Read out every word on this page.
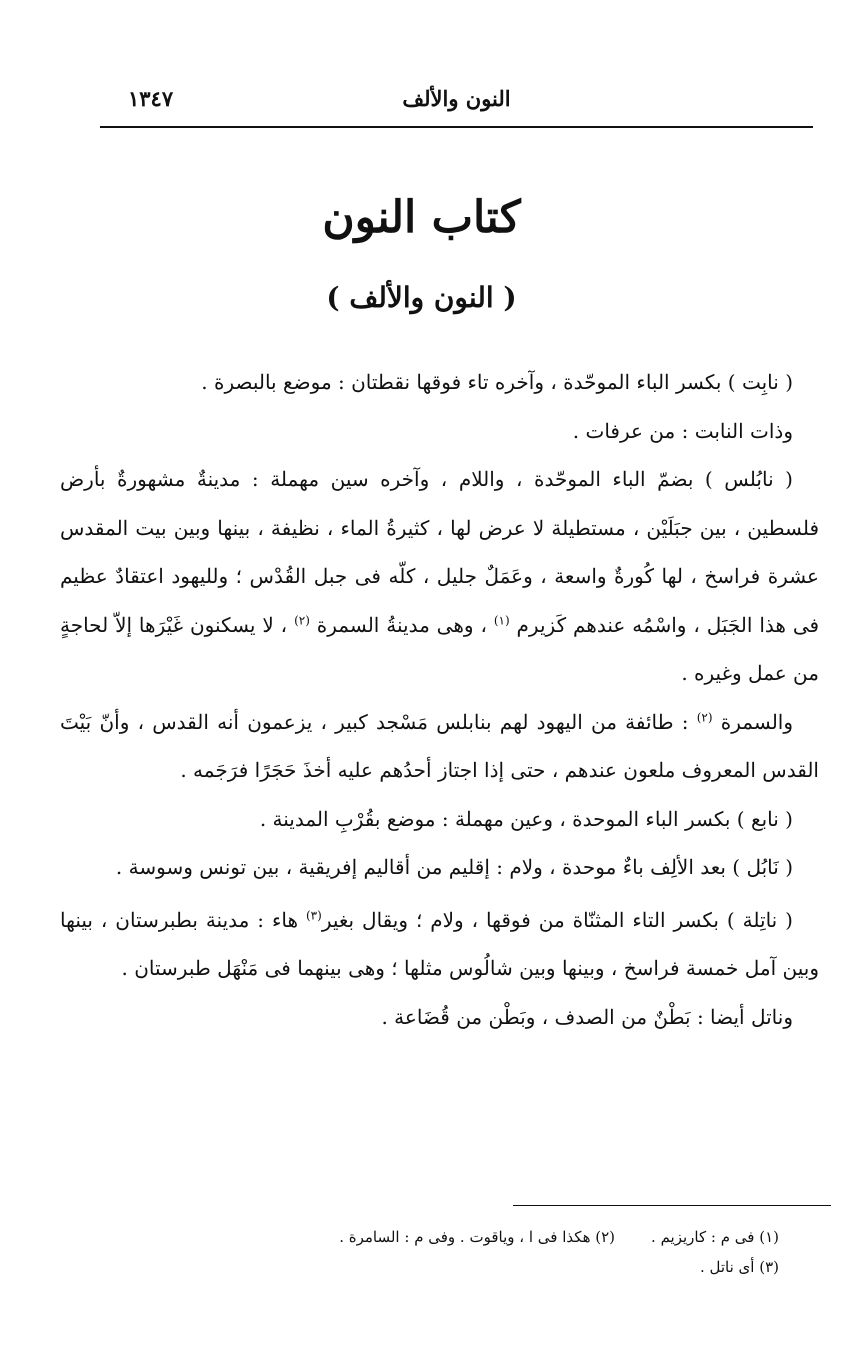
النون والألف
١٣٤٧
كتاب النون
( النون والألف )

( نابِت ) بكسر الباء الموحّدة ، وآخره تاء فوقها نقطتان : موضع بالبصرة .

وذات النابت : من عرفات .

( نابُلس ) بضمّ الباء الموحّدة ، واللام ، وآخره سين مهملة : مدينةٌ مشهورةٌ بأرض فلسطين ، بين جبَلَيْن ، مستطيلة لا عرض لها ، كثيرةُ الماء ، نظيفة ، بينها وبين بيت المقدس عشرة فراسخ ، لها كُورةٌ واسعة ، وعَمَلٌ جليل ، كلّه فى جبل القُدْس ؛ ولليهود اعتقادٌ عظيم فى هذا الجَبَل ، واسْمُه عندهم كَزيرم $^{(١)}$ ، وهى مدينةُ السمرة $^{(٢)}$ ، لا يسكنون غَيْرَها إلاّ لحاجةٍ من عمل وغيره .

والسمرة $^{(٢)}$ : طائفة من اليهود لهم بنابلس مَسْجد كبير ، يزعمون أنه القدس ، وأنّ بَيْتَ القدس المعروف ملعون عندهم ، حتى إذا اجتاز أحدُهم عليه أخذَ حَجَرًا فرَجَمه .

( نابع ) بكسر الباء الموحدة ، وعين مهملة : موضع بقُرْبِ المدينة .

( نَابُل ) بعد الألِف باءٌ موحدة ، ولام : إقليم من أقاليم إفريقية ، بين تونس وسوسة .

( ناتِلة ) بكسر التاء المثنّاة من فوقها ، ولام ؛ ويقال بغير$^{(٣)}$ هاء : مدينة بطبرستان ، بينها وبين آمل خمسة فراسخ ، وبينها وبين شالُوس مثلها ؛ وهى بينهما فى مَنْهَل طبرستان .

وناتل أيضا : بَطْنٌ من الصدف ، وبَطْن من قُضَاعة .

(١) فى م : كاريزيم .
(٢) هكذا فى ا ، وياقوت . وفى م : السامرة .
(٣) أى ناتل .
